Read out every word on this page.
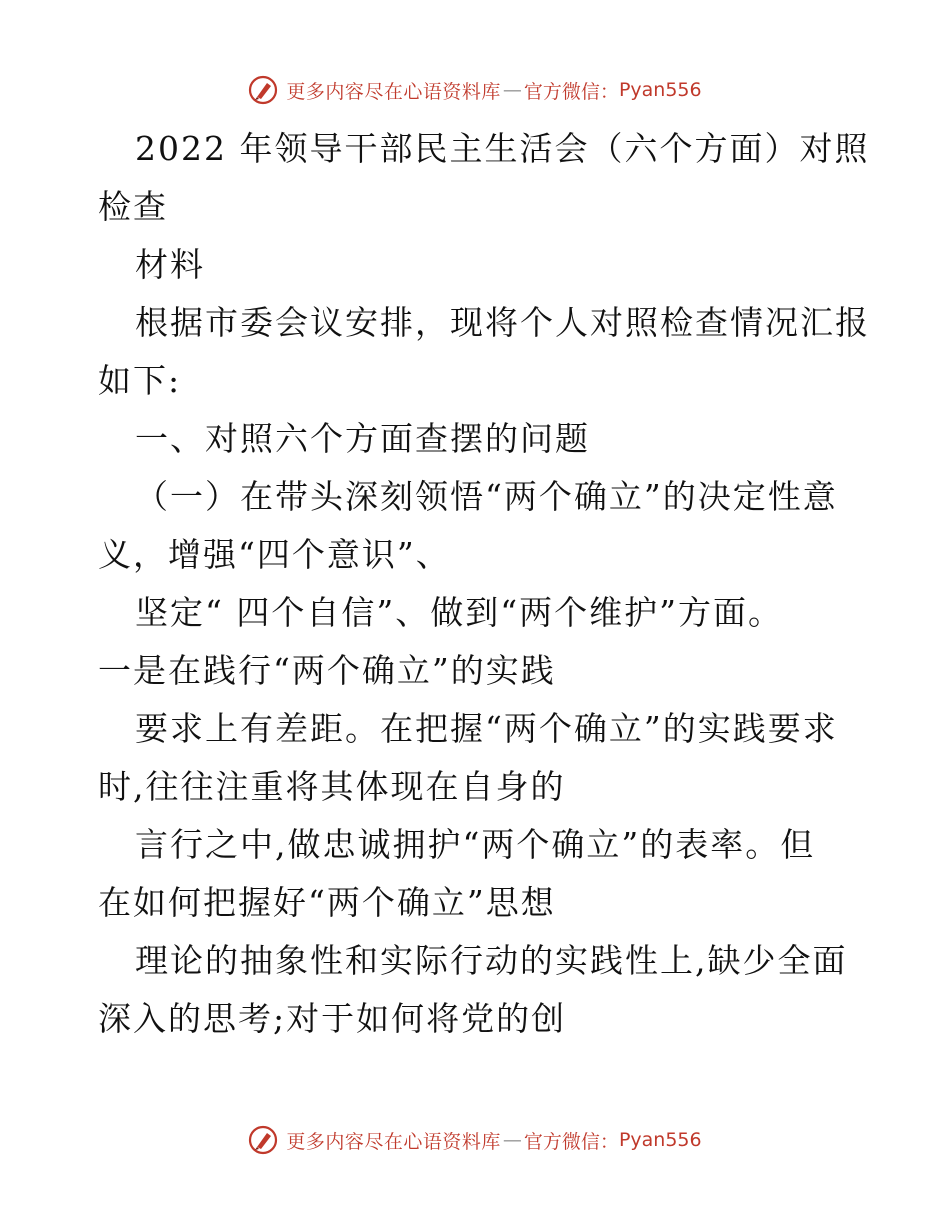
更多内容尽在心语资料库 — 官方微信： Pyan556
2022 年领导干部民主生活会（六个方面）对照
检查
材料
根据市委会议安排，现将个人对照检查情况汇报
如下:
一、对照六个方面查摆的问题
（一）在带头深刻领悟“两个确立”的决定性意
义，增强“四个意识”、
坚定“ 四个自信”、做到“两个维护”方面。
一是在践行“两个确立”的实践
要求上有差距。在把握“两个确立”的实践要求
时,往往注重将其体现在自身的
言行之中,做忠诚拥护“两个确立”的表率。但
在如何把握好“两个确立”思想
理论的抽象性和实际行动的实践性上,缺少全面
深入的思考;对于如何将党的创
更多内容尽在心语资料库 — 官方微信： Pyan556
